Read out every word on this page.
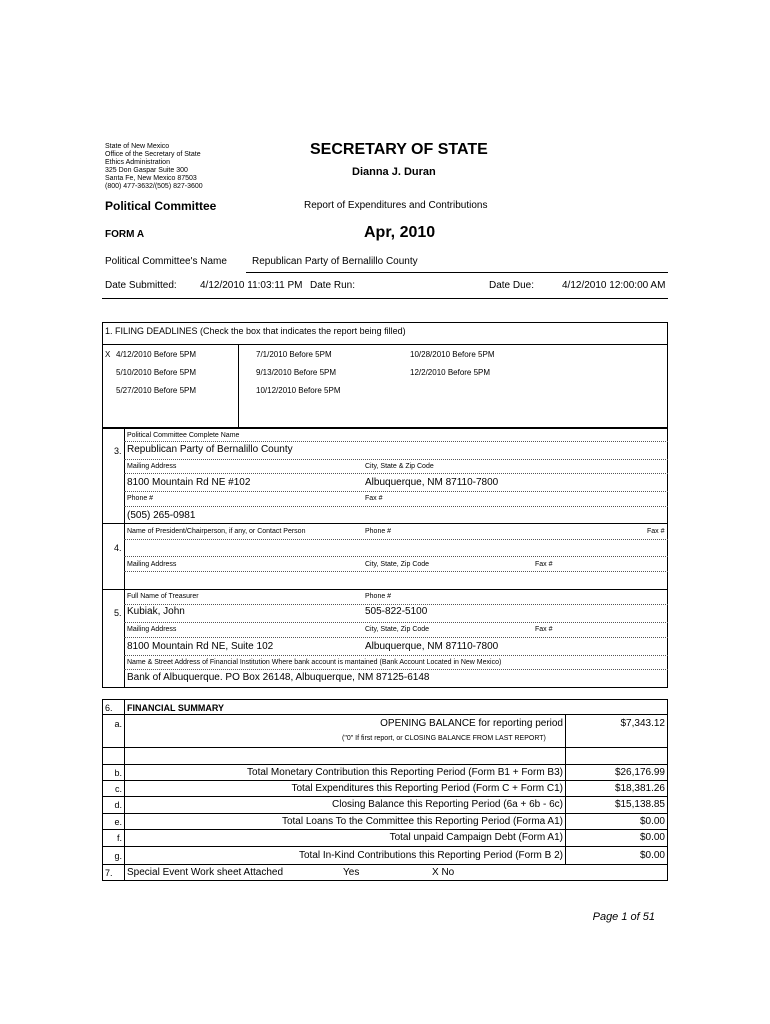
State of New Mexico
Office of the Secretary of State
Ethics Administration
325 Don Gaspar Suite 300
Santa Fe, New Mexico 87503
(800) 477-3632/(505) 827-3600
SECRETARY OF STATE
Dianna J. Duran
Political Committee	Report of Expenditures and Contributions
FORM A	Apr, 2010
Political Committee's Name	Republican Party of Bernalillo County
Date Submitted: 4/12/2010 11:03:11 PM Date Run:	Date Due:	4/12/2010 12:00:00 AM
1. FILING DEADLINES (Check the box that indicates the report being filled)
X 4/12/2010 Before 5PM
5/10/2010 Before 5PM
5/27/2010 Before 5PM
7/1/2010 Before 5PM
9/13/2010 Before 5PM
10/12/2010 Before 5PM
10/28/2010 Before 5PM
12/2/2010 Before 5PM
Political Committee Complete Name
3. Republican Party of Bernalillo County
Mailing Address	City, State & Zip Code
8100 Mountain Rd NE #102	Albuquerque, NM 87110-7800
Phone #	Fax #
(505) 265-0981
Name of President/Chairperson, if any, or Contact Person	Phone #	Fax #
4.
Mailing Address	City, State, Zip Code	Fax #
Full Name of Treasurer	Phone #
5. Kubiak, John	505-822-5100
Mailing Address	City, State, Zip Code	Fax #
8100 Mountain Rd NE, Suite 102	Albuquerque, NM 87110-7800
Name & Street Address of Financial Institution Where bank account is mantained (Bank Account Located in New Mexico)
Bank of Albuquerque. PO Box 26148, Albuquerque, NM 87125-6148
6. FINANCIAL SUMMARY
a.	OPENING BALANCE for reporting period	$7,343.12
("0" If first report, or CLOSING BALANCE FROM LAST REPORT)
b.	Total Monetary Contribution this Reporting Period (Form B1 + Form B3)	$26,176.99
c.	Total Expenditures this Reporting Period (Form C + Form C1)	$18,381.26
d.	Closing Balance this Reporting Period (6a + 6b - 6c)	$15,138.85
e.	Total Loans To the Committee this Reporting Period (Forma A1)	$0.00
f.	Total unpaid Campaign Debt (Form A1)	$0.00
g.	Total In-Kind Contributions this Reporting Period (Form B 2)	$0.00
7. Special Event Work sheet Attached	Yes	X No
Page 1 of 51
